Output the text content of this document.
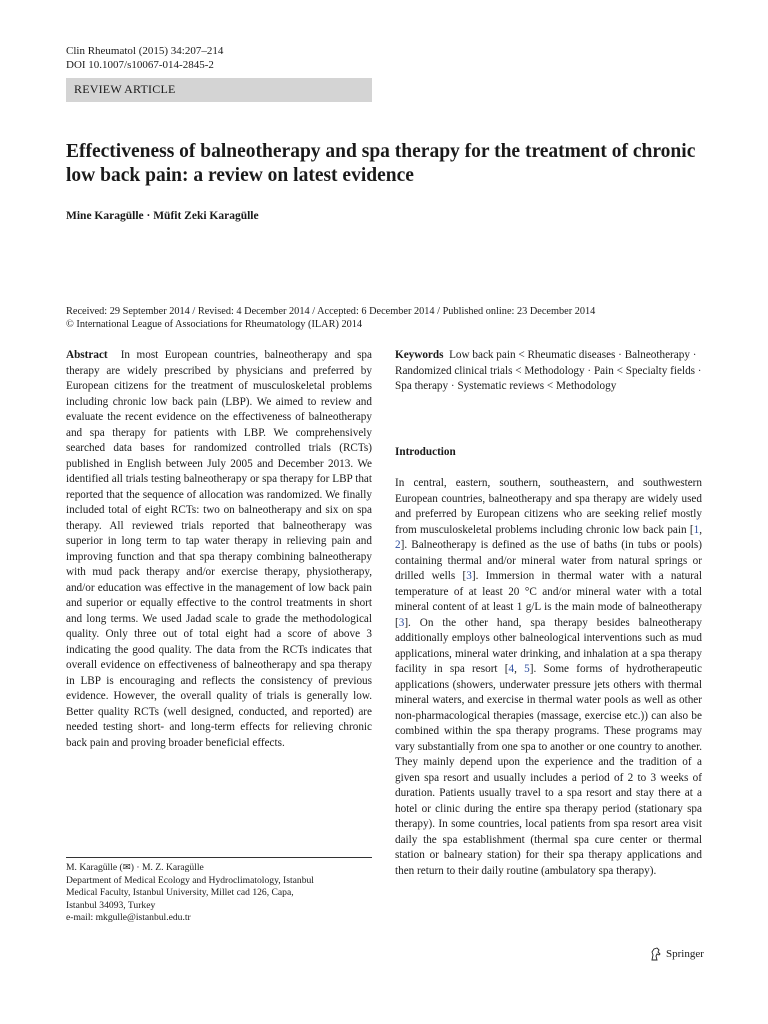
Clin Rheumatol (2015) 34:207–214
DOI 10.1007/s10067-014-2845-2
REVIEW ARTICLE
Effectiveness of balneotherapy and spa therapy for the treatment of chronic low back pain: a review on latest evidence
Mine Karagülle · Müfit Zeki Karagülle
Received: 29 September 2014 / Revised: 4 December 2014 / Accepted: 6 December 2014 / Published online: 23 December 2014
© International League of Associations for Rheumatology (ILAR) 2014
Abstract In most European countries, balneotherapy and spa therapy are widely prescribed by physicians and preferred by European citizens for the treatment of musculoskeletal problems including chronic low back pain (LBP). We aimed to review and evaluate the recent evidence on the effectiveness of balneotherapy and spa therapy for patients with LBP. We comprehensively searched data bases for randomized controlled trials (RCTs) published in English between July 2005 and December 2013. We identified all trials testing balneotherapy or spa therapy for LBP that reported that the sequence of allocation was randomized. We finally included total of eight RCTs: two on balneotherapy and six on spa therapy. All reviewed trials reported that balneotherapy was superior in long term to tap water therapy in relieving pain and improving function and that spa therapy combining balneotherapy with mud pack therapy and/or exercise therapy, physiotherapy, and/or education was effective in the management of low back pain and superior or equally effective to the control treatments in short and long terms. We used Jadad scale to grade the methodological quality. Only three out of total eight had a score of above 3 indicating the good quality. The data from the RCTs indicates that overall evidence on effectiveness of balneotherapy and spa therapy in LBP is encouraging and reflects the consistency of previous evidence. However, the overall quality of trials is generally low. Better quality RCTs (well designed, conducted, and reported) are needed testing short- and long-term effects for relieving chronic back pain and proving broader beneficial effects.
Keywords Low back pain < Rheumatic diseases · Balneotherapy · Randomized clinical trials < Methodology · Pain < Specialty fields · Spa therapy · Systematic reviews < Methodology
Introduction
In central, eastern, southern, southeastern, and southwestern European countries, balneotherapy and spa therapy are widely used and preferred by European citizens who are seeking relief mostly from musculoskeletal problems including chronic low back pain [1, 2]. Balneotherapy is defined as the use of baths (in tubs or pools) containing thermal and/or mineral water from natural springs or drilled wells [3]. Immersion in thermal water with a natural temperature of at least 20 °C and/or mineral water with a total mineral content of at least 1 g/L is the main mode of balneotherapy [3]. On the other hand, spa therapy besides balneotherapy additionally employs other balneological interventions such as mud applications, mineral water drinking, and inhalation at a spa therapy facility in spa resort [4, 5]. Some forms of hydrotherapeutic applications (showers, underwater pressure jets others with thermal mineral waters, and exercise in thermal water pools as well as other non-pharmacological therapies (massage, exercise etc.)) can also be combined within the spa therapy programs. These programs may vary substantially from one spa to another or one country to another. They mainly depend upon the experience and the tradition of a given spa resort and usually includes a period of 2 to 3 weeks of duration. Patients usually travel to a spa resort and stay there at a hotel or clinic during the entire spa therapy period (stationary spa therapy). In some countries, local patients from spa resort area visit daily the spa establishment (thermal spa cure center or thermal station or balneary station) for their spa therapy applications and then return to their daily routine (ambulatory spa therapy).
M. Karagülle (✉) · M. Z. Karagülle
Department of Medical Ecology and Hydroclimatology, Istanbul
Medical Faculty, Istanbul University, Millet cad 126, Capa,
Istanbul 34093, Turkey
e-mail: mkgulle@istanbul.edu.tr
Springer
